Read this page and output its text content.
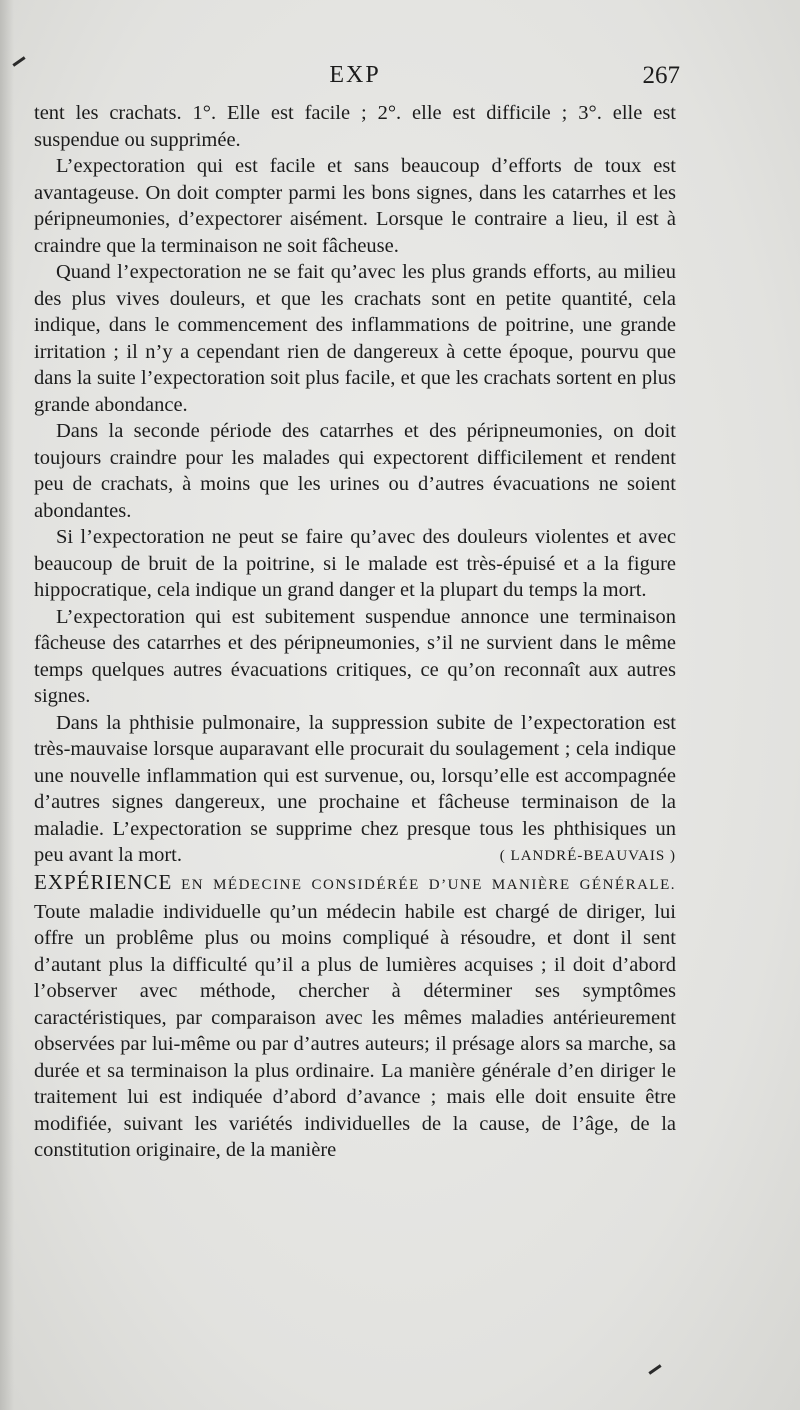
EXP	267

tent les crachats. 1°. Elle est facile ; 2°. elle est difficile ; 3°. elle est suspendue ou supprimée.

L’expectoration qui est facile et sans beaucoup d’efforts de toux est avantageuse. On doit compter parmi les bons signes, dans les catarrhes et les péripneumonies, d’expectorer aisément. Lorsque le contraire a lieu, il est à craindre que la terminaison ne soit fâcheuse.

Quand l’expectoration ne se fait qu’avec les plus grands efforts, au milieu des plus vives douleurs, et que les crachats sont en petite quantité, cela indique, dans le commencement des inflammations de poitrine, une grande irritation ; il n’y a cependant rien de dangereux à cette époque, pourvu que dans la suite l’expectoration soit plus facile, et que les crachats sortent en plus grande abondance.

Dans la seconde période des catarrhes et des péripneumonies, on doit toujours craindre pour les malades qui expectorent difficilement et rendent peu de crachats, à moins que les urines ou d’autres évacuations ne soient abondantes.

Si l’expectoration ne peut se faire qu’avec des douleurs violentes et avec beaucoup de bruit de la poitrine, si le malade est très-épuisé et a la figure hippocratique, cela indique un grand danger et la plupart du temps la mort.

L’expectoration qui est subitement suspendue annonce une terminaison fâcheuse des catarrhes et des péripneumonies, s’il ne survient dans le même temps quelques autres évacuations critiques, ce qu’on reconnaît aux autres signes.

Dans la phthisie pulmonaire, la suppression subite de l’expectoration est très-mauvaise lorsque auparavant elle procurait du soulagement ; cela indique une nouvelle inflammation qui est survenue, ou, lorsqu’elle est accompagnée d’autres signes dangereux, une prochaine et fâcheuse terminaison de la maladie. L’expectoration se supprime chez presque tous les phthisiques un peu avant la mort.	( LANDRÉ-BEAUVAIS )

EXPÉRIENCE EN MÉDECINE CONSIDÉRÉE D’UNE MANIÈRE GÉNÉRALE. Toute maladie individuelle qu’un médecin habile est chargé de diriger, lui offre un problême plus ou moins compliqué à résoudre, et dont il sent d’autant plus la difficulté qu’il a plus de lumières acquises ; il doit d’abord l’observer avec méthode, chercher à déterminer ses symptômes caractéristiques, par comparaison avec les mêmes maladies antérieurement observées par lui-même ou par d’autres auteurs; il présage alors sa marche, sa durée et sa terminaison la plus ordinaire. La manière générale d’en diriger le traitement lui est indiquée d’abord d’avance ; mais elle doit ensuite être modifiée, suivant les variétés individuelles de la cause, de l’âge, de la constitution originaire, de la manière
